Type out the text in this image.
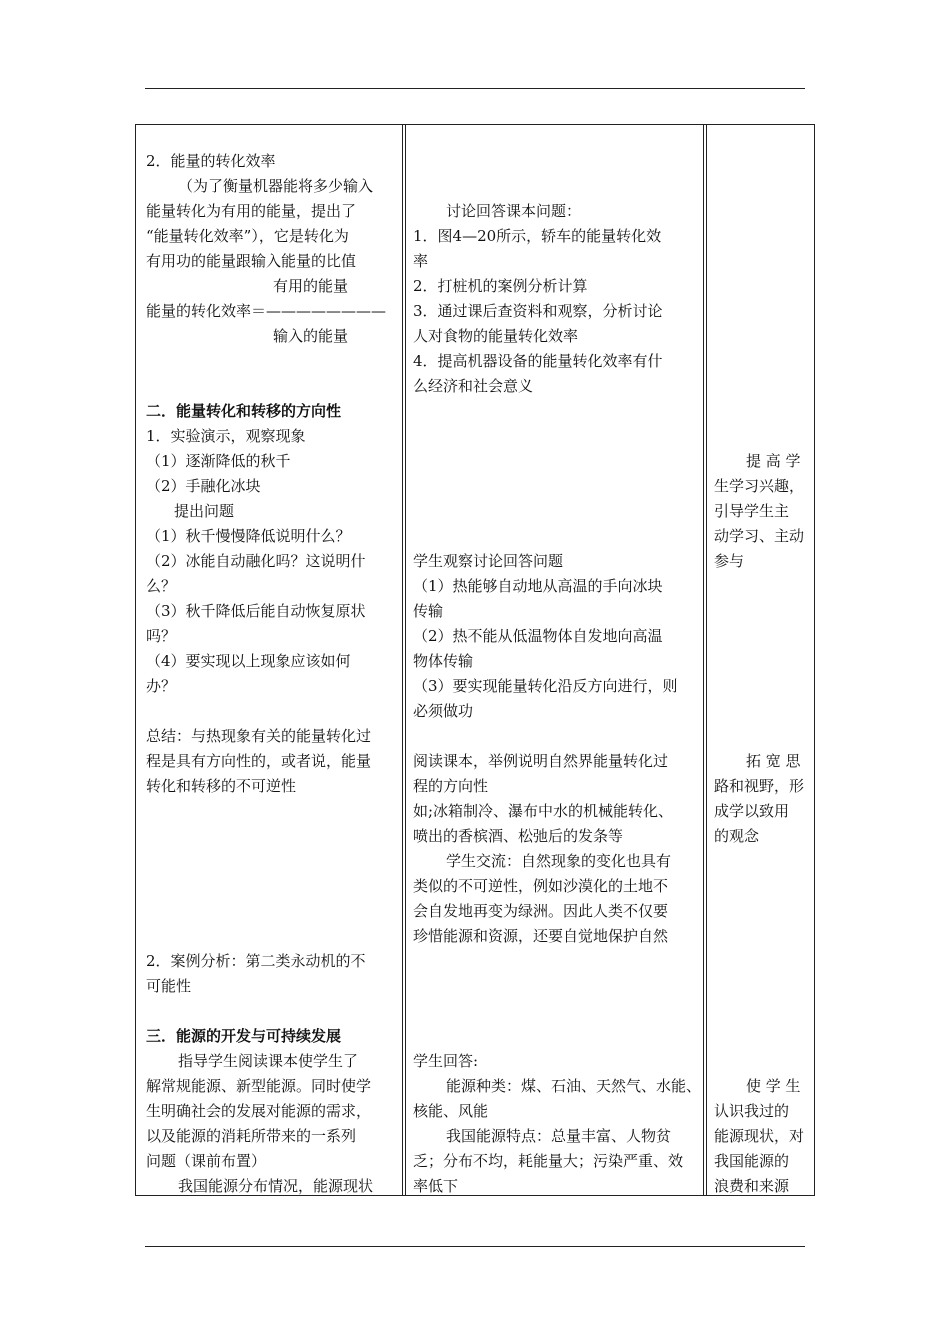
2．能量的转化效率

（为了衡量机器能将多少输入

能量转化为有用的能量，提出了

“能量转化效率”），它是转化为

有用功的能量跟输入能量的比值

有用的能量

能量的转化效率＝————————

输入的能量

二．能量转化和转移的方向性

1．实验演示，观察现象

（1）逐渐降低的秋千

（2）手融化冰块

提出问题

（1）秋千慢慢降低说明什么？

（2）冰能自动融化吗？这说明什

么？

（3）秋千降低后能自动恢复原状

吗？

（4）要实现以上现象应该如何

办？

总结：与热现象有关的能量转化过

程是具有方向性的，或者说，能量

转化和转移的不可逆性

2．案例分析：第二类永动机的不

可能性

三．能源的开发与可持续发展

指导学生阅读课本使学生了

解常规能源、新型能源。同时使学

生明确社会的发展对能源的需求，

以及能源的消耗所带来的一系列

问题（课前布置）

我国能源分布情况，能源现状

讨论回答课本问题：

1．图4—20所示，轿车的能量转化效

率

2．打桩机的案例分析计算

3．通过课后查资料和观察，分析讨论

人对食物的能量转化效率

4．提高机器设备的能量转化效率有什

么经济和社会意义

学生观察讨论回答问题

（1）热能够自动地从高温的手向冰块

传输

（2）热不能从低温物体自发地向高温

物体传输

（3）要实现能量转化沿反方向进行，则

必须做功

阅读课本，举例说明自然界能量转化过

程的方向性

如;冰箱制冷、瀑布中水的机械能转化、

喷出的香槟酒、松弛后的发条等

学生交流：自然现象的变化也具有

类似的不可逆性，例如沙漠化的土地不

会自发地再变为绿洲。因此人类不仅要

珍惜能源和资源，还要自觉地保护自然

学生回答:

能源种类：煤、石油、天然气、水能、

核能、风能

我国能源特点：总量丰富、人物贫

乏；分布不均，耗能量大；污染严重、效

率低下

提 高 学

生学习兴趣，

引导学生主

动学习、主动

参与

拓 宽 思

路和视野，形

成学以致用

的观念

使 学 生

认识我过的

能源现状，对

我国能源的

浪费和来源
